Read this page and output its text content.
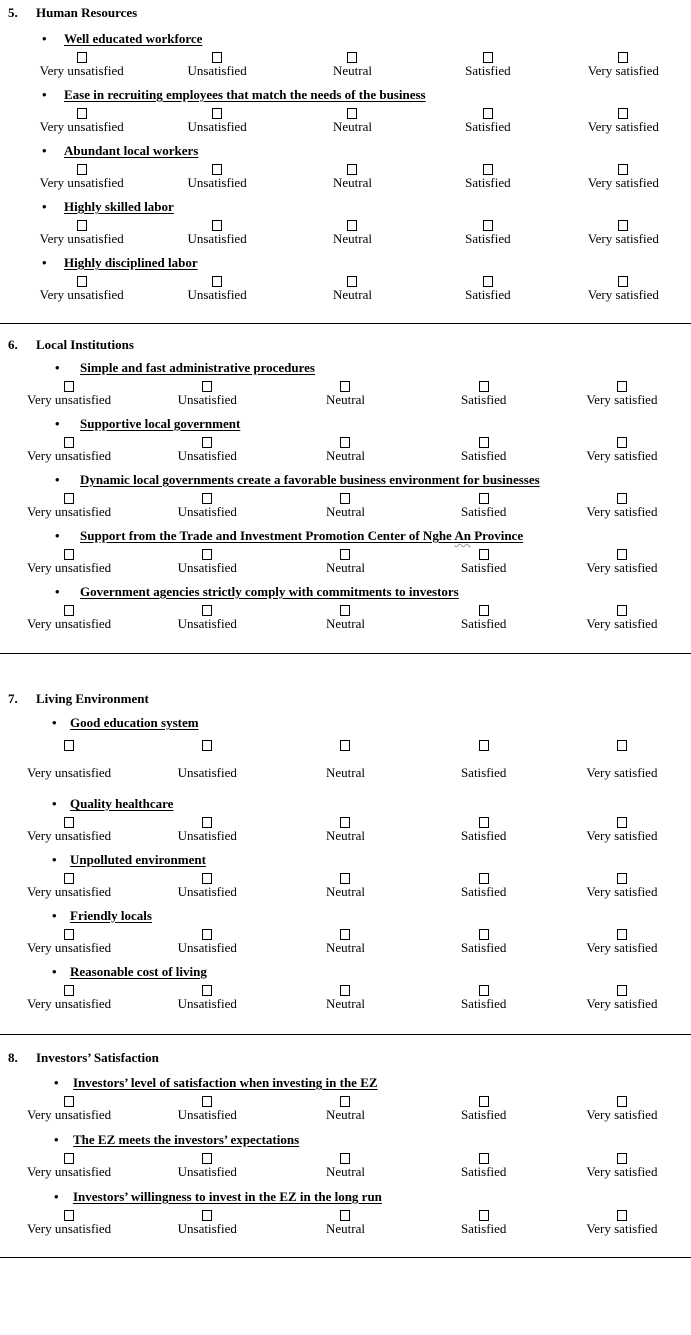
5.	Human Resources
•	Well educated workforce
Very unsatisfied	Unsatisfied	Neutral	Satisfied	Very satisfied
•	Ease in recruiting employees that match the needs of the business
Very unsatisfied	Unsatisfied	Neutral	Satisfied	Very satisfied
•	Abundant local workers
Very unsatisfied	Unsatisfied	Neutral	Satisfied	Very satisfied
•	Highly skilled labor
Very unsatisfied	Unsatisfied	Neutral	Satisfied	Very satisfied
•	Highly disciplined labor
Very unsatisfied	Unsatisfied	Neutral	Satisfied	Very satisfied
6.	Local Institutions
•	Simple and fast administrative procedures
Very unsatisfied	Unsatisfied	Neutral	Satisfied	Very satisfied
•	Supportive local government
Very unsatisfied	Unsatisfied	Neutral	Satisfied	Very satisfied
•	Dynamic local governments create a favorable business environment for businesses
Very unsatisfied	Unsatisfied	Neutral	Satisfied	Very satisfied
•	Support from the Trade and Investment Promotion Center of Nghe An Province
Very unsatisfied	Unsatisfied	Neutral	Satisfied	Very satisfied
•	Government agencies strictly comply with commitments to investors
Very unsatisfied	Unsatisfied	Neutral	Satisfied	Very satisfied
7.	Living Environment
•	Good education system
Very unsatisfied	Unsatisfied	Neutral	Satisfied	Very satisfied
•	Quality healthcare
Very unsatisfied	Unsatisfied	Neutral	Satisfied	Very satisfied
•	Unpolluted environment
Very unsatisfied	Unsatisfied	Neutral	Satisfied	Very satisfied
•	Friendly locals
Very unsatisfied	Unsatisfied	Neutral	Satisfied	Very satisfied
•	Reasonable cost of living
Very unsatisfied	Unsatisfied	Neutral	Satisfied	Very satisfied
8.	Investors’ Satisfaction
•	Investors’ level of satisfaction when investing in the EZ
Very unsatisfied	Unsatisfied	Neutral	Satisfied	Very satisfied
•	The EZ meets the investors’ expectations
Very unsatisfied	Unsatisfied	Neutral	Satisfied	Very satisfied
•	Investors’ willingness to invest in the EZ in the long run
Very unsatisfied	Unsatisfied	Neutral	Satisfied	Very satisfied
